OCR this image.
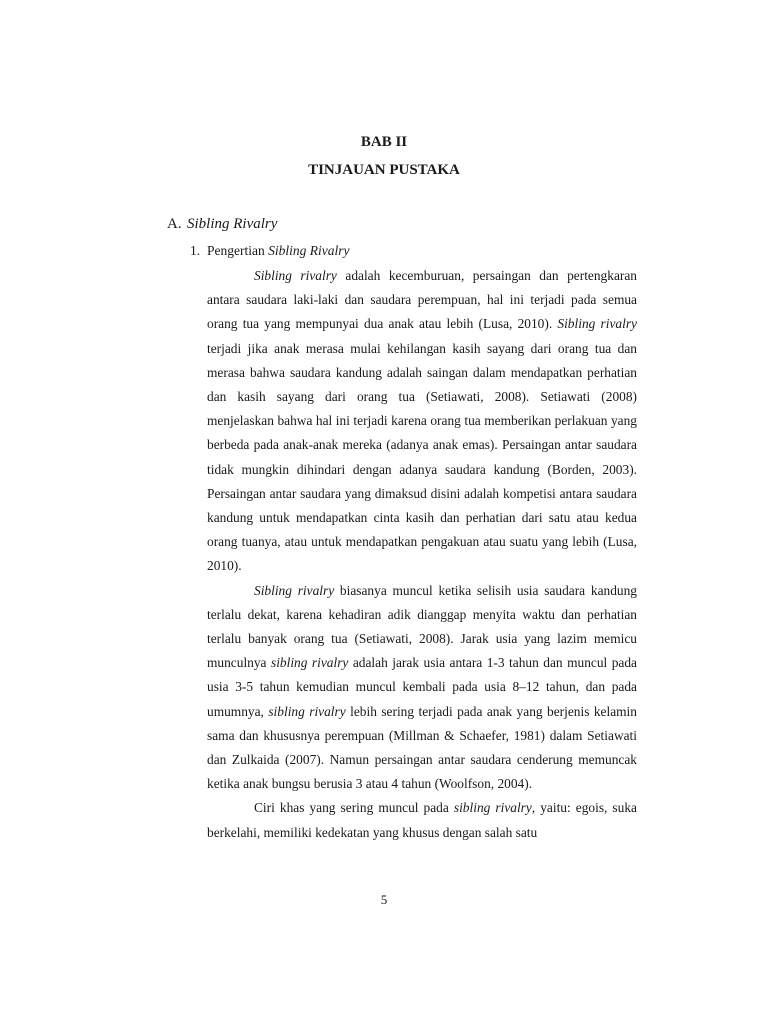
BAB II
TINJAUAN PUSTAKA
A. Sibling Rivalry
1. Pengertian Sibling Rivalry

Sibling rivalry adalah kecemburuan, persaingan dan pertengkaran antara saudara laki-laki dan saudara perempuan, hal ini terjadi pada semua orang tua yang mempunyai dua anak atau lebih (Lusa, 2010). Sibling rivalry terjadi jika anak merasa mulai kehilangan kasih sayang dari orang tua dan merasa bahwa saudara kandung adalah saingan dalam mendapatkan perhatian dan kasih sayang dari orang tua (Setiawati, 2008). Setiawati (2008) menjelaskan bahwa hal ini terjadi karena orang tua memberikan perlakuan yang berbeda pada anak-anak mereka (adanya anak emas). Persaingan antar saudara tidak mungkin dihindari dengan adanya saudara kandung (Borden, 2003). Persaingan antar saudara yang dimaksud disini adalah kompetisi antara saudara kandung untuk mendapatkan cinta kasih dan perhatian dari satu atau kedua orang tuanya, atau untuk mendapatkan pengakuan atau suatu yang lebih (Lusa, 2010).

Sibling rivalry biasanya muncul ketika selisih usia saudara kandung terlalu dekat, karena kehadiran adik dianggap menyita waktu dan perhatian terlalu banyak orang tua (Setiawati, 2008). Jarak usia yang lazim memicu munculnya sibling rivalry adalah jarak usia antara 1-3 tahun dan muncul pada usia 3-5 tahun kemudian muncul kembali pada usia 8–12 tahun, dan pada umumnya, sibling rivalry lebih sering terjadi pada anak yang berjenis kelamin sama dan khususnya perempuan (Millman & Schaefer, 1981) dalam Setiawati dan Zulkaida (2007). Namun persaingan antar saudara cenderung memuncak ketika anak bungsu berusia 3 atau 4 tahun (Woolfson, 2004).

Ciri khas yang sering muncul pada sibling rivalry, yaitu: egois, suka berkelahi, memiliki kedekatan yang khusus dengan salah satu

5
